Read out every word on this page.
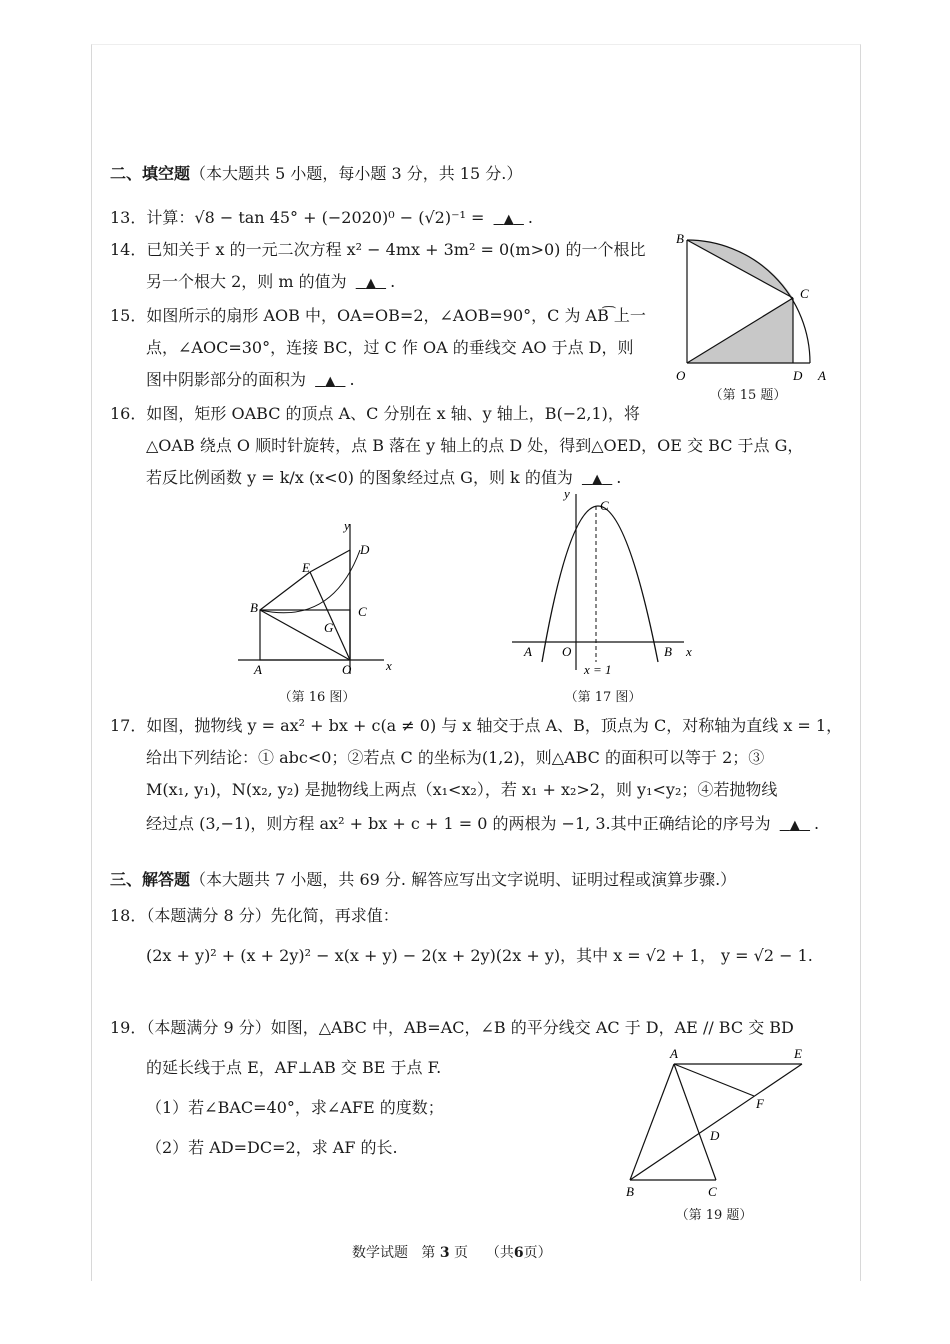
二、填空题（本大题共 5 小题，每小题 3 分，共 15 分.）
13．计算：√8 − tan 45° + (−2020)⁰ − (√2)⁻¹ = ▲ .
14．已知关于 x 的一元二次方程 x² − 4mx + 3m² = 0(m>0) 的一个根比
另一个根大 2，则 m 的值为 ▲ .
15．如图所示的扇形 AOB 中，OA=OB=2，∠AOB=90°，C 为 AB͡ 上一
点，∠AOC=30°，连接 BC，过 C 作 OA 的垂线交 AO 于点 D，则
图中阴影部分的面积为 ▲ .
B
C
O	D A
（第 15 题）
16．如图，矩形 OABC 的顶点 A、C 分别在 x 轴、y 轴上，B(−2,1)，将
△OAB 绕点 O 顺时针旋转，点 B 落在 y 轴上的点 D 处，得到△OED，OE 交 BC 于点 G，
若反比例函数 y = k/x (x<0) 的图象经过点 G，则 k 的值为 ▲ .
y
D
E
B	C
G
A	O	x
（第 16 图）
y
C
A O	B x
x = 1
（第 17 图）
17．如图，抛物线 y = ax² + bx + c(a ≠ 0) 与 x 轴交于点 A、B，顶点为 C，对称轴为直线 x = 1，
给出下列结论：① abc<0；②若点 C 的坐标为(1,2)，则△ABC 的面积可以等于 2；③
M(x₁, y₁)，N(x₂, y₂) 是抛物线上两点（x₁<x₂），若 x₁ + x₂>2，则 y₁<y₂；④若抛物线
经过点 (3,−1)，则方程 ax² + bx + c + 1 = 0 的两根为 −1, 3.其中正确结论的序号为 ▲ .
三、解答题（本大题共 7 小题，共 69 分. 解答应写出文字说明、证明过程或演算步骤.）
18．（本题满分 8 分）先化简，再求值：
(2x + y)² + (x + 2y)² − x(x + y) − 2(x + 2y)(2x + y)，其中 x = √2 + 1， y = √2 − 1.
19．（本题满分 9 分）如图，△ABC 中，AB=AC，∠B 的平分线交 AC 于 D，AE // BC 交 BD
的延长线于点 E，AF⊥AB 交 BE 于点 F.
（1）若∠BAC=40°，求∠AFE 的度数；
（2）若 AD=DC=2，求 AF 的长.
A	E
F
D
B	C
（第 19 题）
数学试题 第 3 页 （共6页）
